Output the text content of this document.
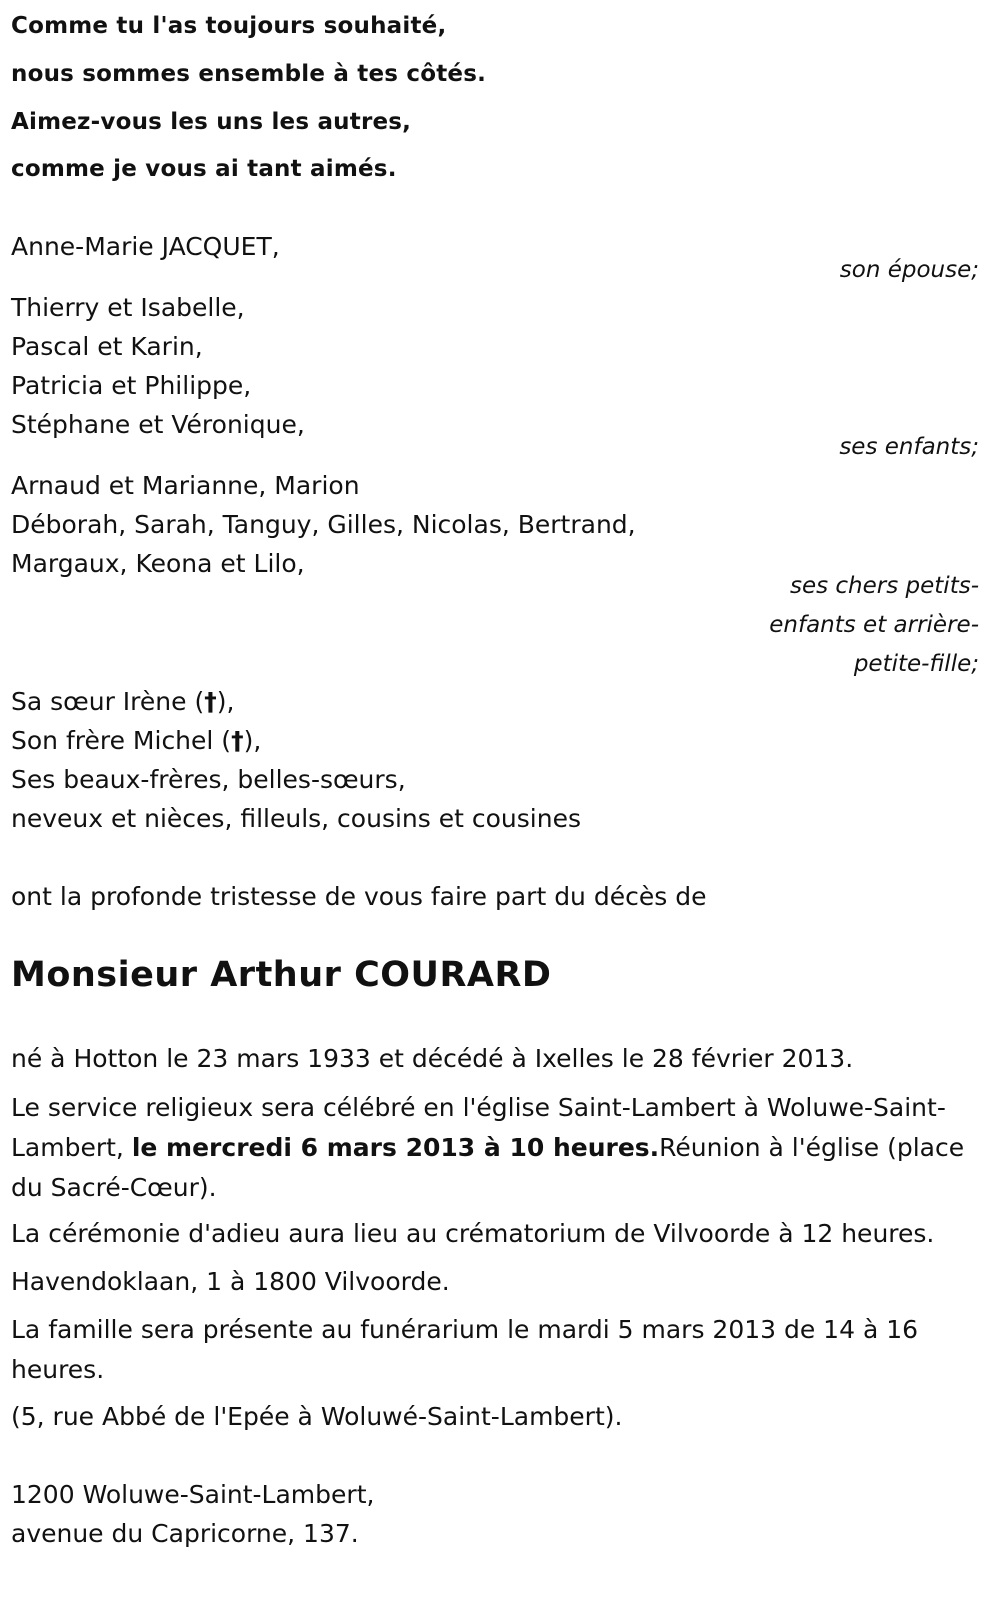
Comme tu l'as toujours souhaité,
nous sommes ensemble à tes côtés.
Aimez-vous les uns les autres,
comme je vous ai tant aimés.
Anne-Marie JACQUET,
son épouse;
Thierry et Isabelle,
Pascal et Karin,
Patricia et Philippe,
Stéphane et Véronique,
ses enfants;
Arnaud et Marianne, Marion
Déborah, Sarah, Tanguy, Gilles, Nicolas, Bertrand,
Margaux, Keona et Lilo,
ses chers petits-
enfants et arrière-
petite-fille;
Sa sœur Irène (†),
Son frère Michel (†),
Ses beaux-frères, belles-sœurs,
neveux et nièces, filleuls, cousins et cousines
ont la profonde tristesse de vous faire part du décès de
Monsieur Arthur COURARD
né à Hotton le 23 mars 1933 et décédé à Ixelles le 28 février 2013.
Le service religieux sera célébré en l'église Saint-Lambert à Woluwe-Saint-Lambert, le mercredi 6 mars 2013 à 10 heures.Réunion à l'église (place du Sacré-Cœur).
La cérémonie d'adieu aura lieu au crématorium de Vilvoorde à 12 heures.
Havendoklaan, 1 à 1800 Vilvoorde.
La famille sera présente au funérarium le mardi 5 mars 2013 de 14 à 16 heures.
(5, rue Abbé de l'Epée à Woluwé-Saint-Lambert).
1200 Woluwe-Saint-Lambert,
avenue du Capricorne, 137.
